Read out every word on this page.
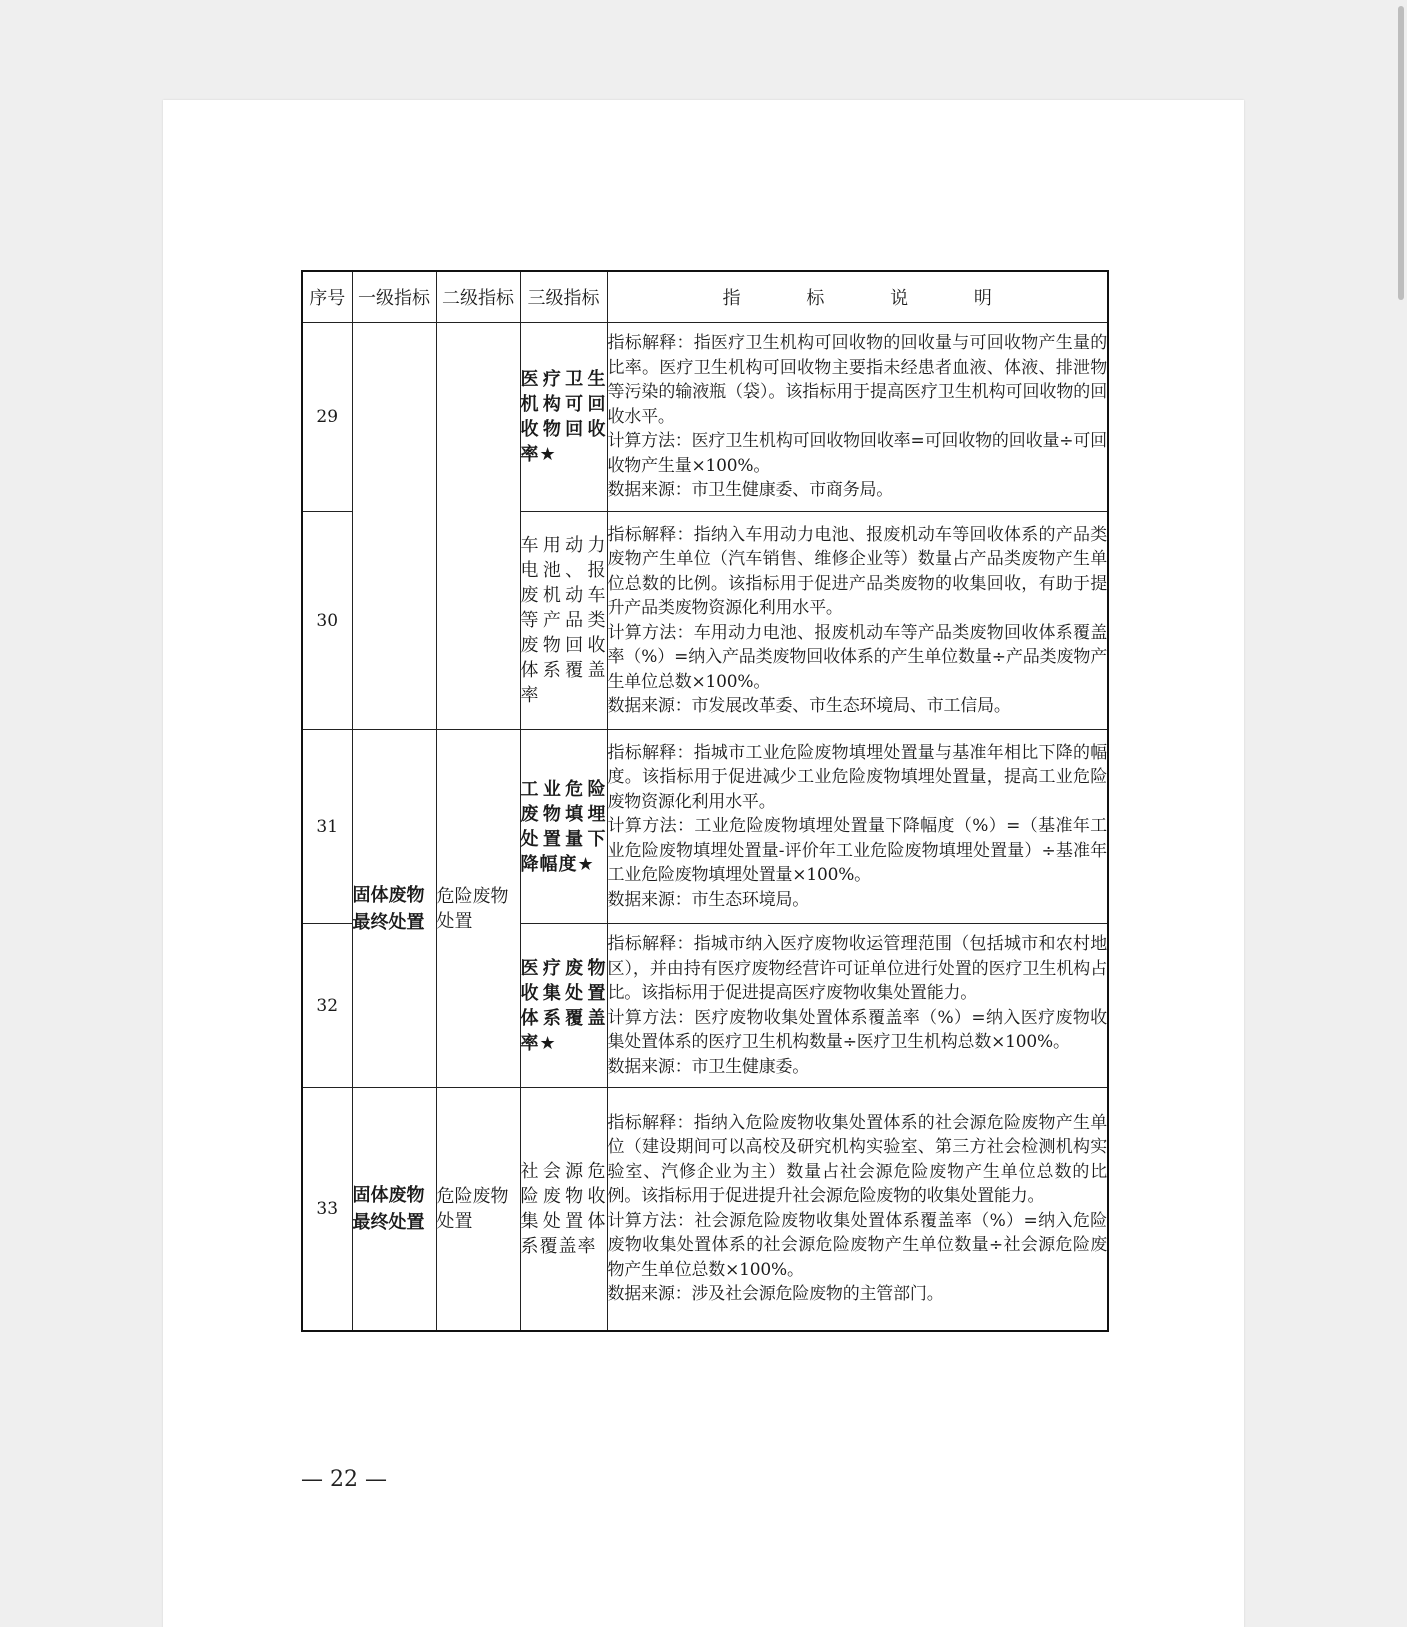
序号	一级指标	二级指标	三级指标	指 标 说 明
29			医疗卫生机构可回收物回收率★	指标解释：指医疗卫生机构可回收物的回收量与可回收物产生量的比率。医疗卫生机构可回收物主要指未经患者血液、体液、排泄物等污染的输液瓶（袋）。该指标用于提高医疗卫生机构可回收物的回收水平。

计算方法：医疗卫生机构可回收物回收率=可回收物的回收量÷可回收物产生量×100%。

数据来源：市卫生健康委、市商务局。

30			车用动力电池、报废机动车等产品类废物回收体系覆盖率	指标解释：指纳入车用动力电池、报废机动车等回收体系的产品类废物产生单位（汽车销售、维修企业等）数量占产品类废物产生单位总数的比例。该指标用于促进产品类废物的收集回收，有助于提升产品类废物资源化利用水平。

计算方法：车用动力电池、报废机动车等产品类废物回收体系覆盖率（%）=纳入产品类废物回收体系的产生单位数量÷产品类废物产生单位总数×100%。

数据来源：市发展改革委、市生态环境局、市工信局。

31	固体废物最终处置	危险废物处置	工业危险废物填埋处置量下降幅度★	指标解释：指城市工业危险废物填埋处置量与基准年相比下降的幅度。该指标用于促进减少工业危险废物填埋处置量，提高工业危险废物资源化利用水平。

计算方法：工业危险废物填埋处置量下降幅度（%）=（基准年工业危险废物填埋处置量-评价年工业危险废物填埋处置量）÷基准年工业危险废物填埋处置量×100%。

数据来源：市生态环境局。

32			医疗废物收集处置体系覆盖率★	指标解释：指城市纳入医疗废物收运管理范围（包括城市和农村地区），并由持有医疗废物经营许可证单位进行处置的医疗卫生机构占比。该指标用于促进提高医疗废物收集处置能力。

计算方法：医疗废物收集处置体系覆盖率（%）=纳入医疗废物收集处置体系的医疗卫生机构数量÷医疗卫生机构总数×100%。

数据来源：市卫生健康委。

33	固体废物最终处置	危险废物处置	社会源危险废物收集处置体系覆盖率	指标解释：指纳入危险废物收集处置体系的社会源危险废物产生单位（建设期间可以高校及研究机构实验室、第三方社会检测机构实验室、汽修企业为主）数量占社会源危险废物产生单位总数的比例。该指标用于促进提升社会源危险废物的收集处置能力。

计算方法：社会源危险废物收集处置体系覆盖率（%）=纳入危险废物收集处置体系的社会源危险废物产生单位数量÷社会源危险废物产生单位总数×100%。

数据来源：涉及社会源危险废物的主管部门。

— 22 —
